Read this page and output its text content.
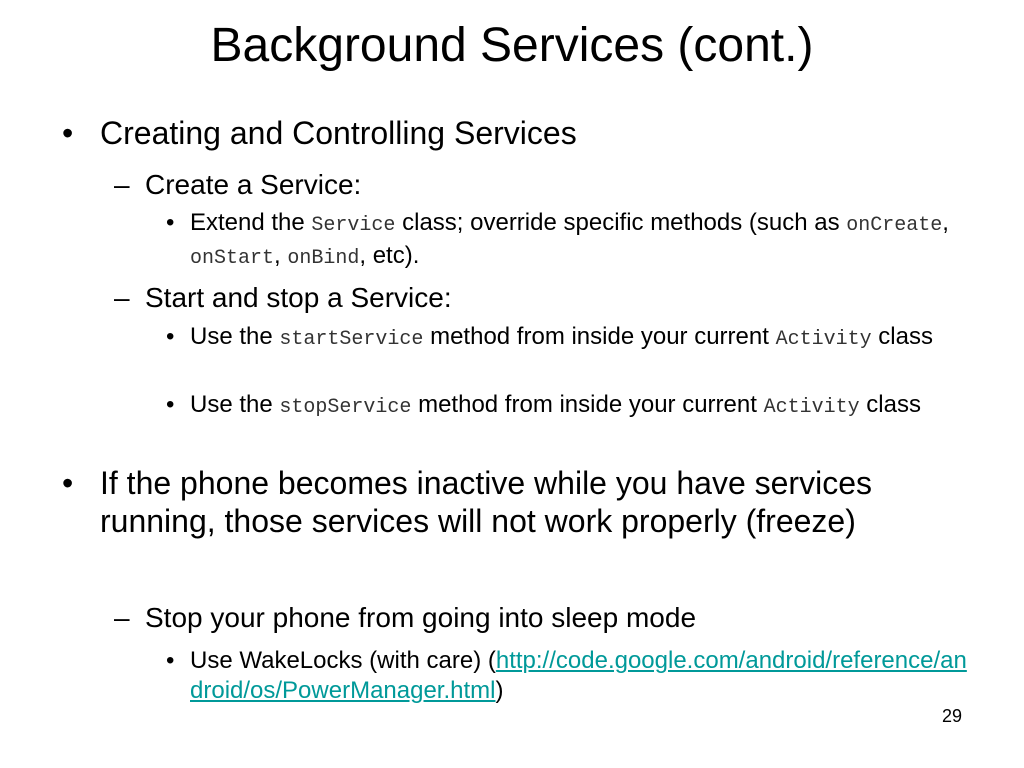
Background Services (cont.)

• Creating and Controlling Services

– Create a Service:

• Extend the Service class; override specific methods (such as onCreate, onStart, onBind, etc).

– Start and stop a Service:

• Use the startService method from inside your current Activity class

• Use the stopService method from inside your current Activity class

• If the phone becomes inactive while you have services running, those services will not work properly (freeze)

– Stop your phone from going into sleep mode

• Use WakeLocks (with care) (http://code.google.com/android/reference/android/os/PowerManager.html)

29
